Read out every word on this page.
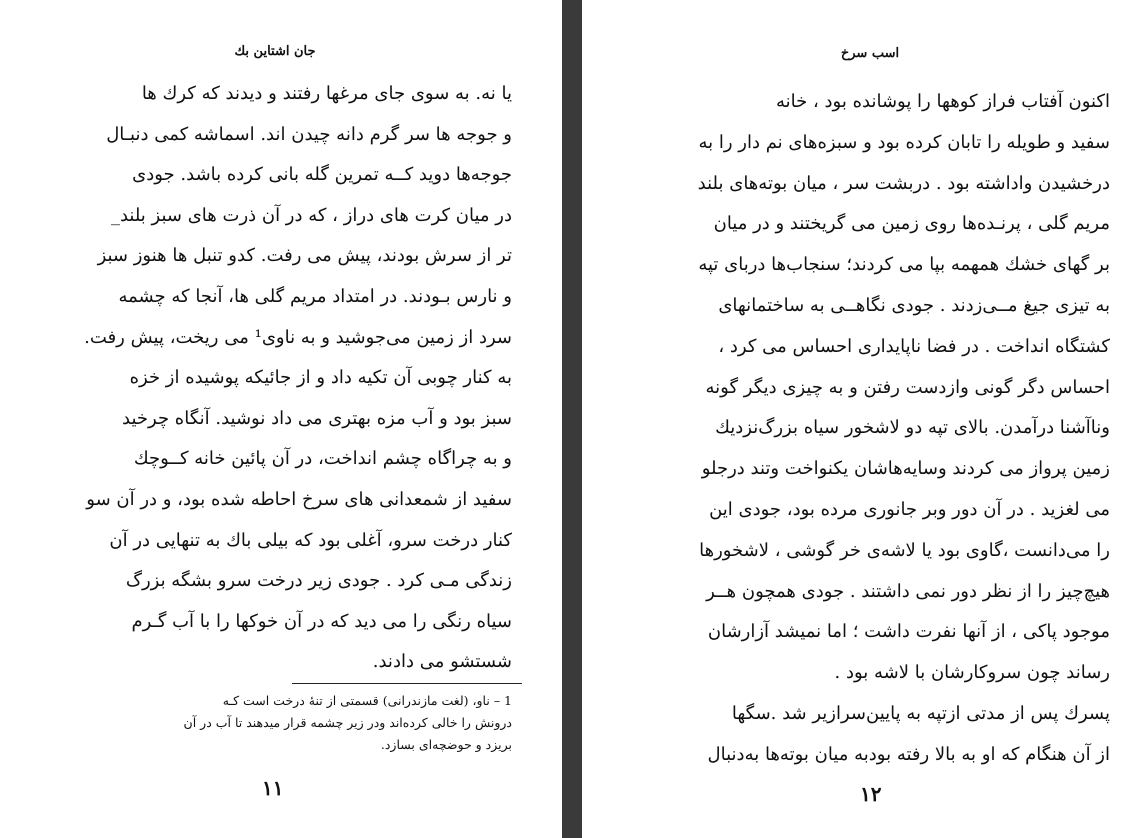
جان اشتاین بك
یا نه. به سوی جای مرغها رفتند و دیدند که کرك ها
و جوجه ها سر گرم دانه چیدن اند. اسماشه کمی دنبـال
جوجه‌ها دوید کــه تمرین گله بانی کرده باشد. جودی
در میان کرت های دراز ، که در آن ذرت های سبز بلند_
تر از سرش بودند، پیش می رفت. کدو تنبل ها هنوز سبز
و نارس بـودند. در امتداد مریم گلی ها، آنجا که چشمه
سرد از زمین می‌جوشید و به ناوی¹ می ریخت، پیش رفت.
به کنار چوبی آن تکیه داد و از جائیکه پوشیده از خزه
سبز بود و آب مزه بهتری می داد نوشید. آنگاه چرخید
و به چراگاه چشم انداخت، در آن پائین خانه کــوچك
سفید از شمعدانی های سرخ احاطه شده بود، و در آن سو
کنار درخت سرو، آغلی بود که بیلی باك به تنهایی در آن
زندگی مـی کرد . جودی زیر درخت سرو بشگه بزرگ
سیاه رنگی را می دید که در آن خوکها را با آب گـرم
شستشو می دادند.
1 – ناو، (لغت مازندرانی) قسمتی از تنهٔ درخت است کـه
درونش را خالی کرده‌اند ودر زیر چشمه قرار میدهند تا آب در آن
بریزد و حوضچه‌ای بسازد.
۱۱
اسب سرخ
اکنون آفتاب فراز کوهها را پوشانده بود ، خانه
سفید و طویله را تابان کرده بود و سبزه‌های نم دار را به
درخشیدن واداشته بود . دربشت سر ، میان بوته‌های بلند
مریم گلی ، پرنـده‌ها روی زمین می گریختند و در میان
بر گهای خشك همهمه بپا می کردند؛ سنجاب‌ها دربای تپه
به تیزی جیغ مــی‌زدند . جودی نگاهــی به ساختمانهای
کشتگاه انداخت . در فضا ناپایداری احساس می کرد ،
احساس دگر گونی وازدست رفتن و به چیزی دیگر گونه
وناآشنا درآمدن. بالای تپه دو لاشخور سیاه بزرگ‌نزدیك
زمین پرواز می کردند وسایه‌هاشان یکنواخت وتند درجلو
می لغزید . در آن دور وبر جانوری مرده بود، جودی این
را می‌دانست ،گاوی بود یا لاشه‌ی خر گوشی ، لاشخورها
هیچ‌چیز را از نظر دور نمی داشتند . جودی همچون هــر
موجود پاکی ، از آنها نفرت داشت ؛ اما نمیشد آزارشان
رساند چون سروکارشان با لاشه بود .
پسرك پس از مدتی ازتپه به پایین‌سرازیر شد .سگها
از آن هنگام که او به بالا رفته بودبه میان بوته‌ها به‌دنبال
۱۲
